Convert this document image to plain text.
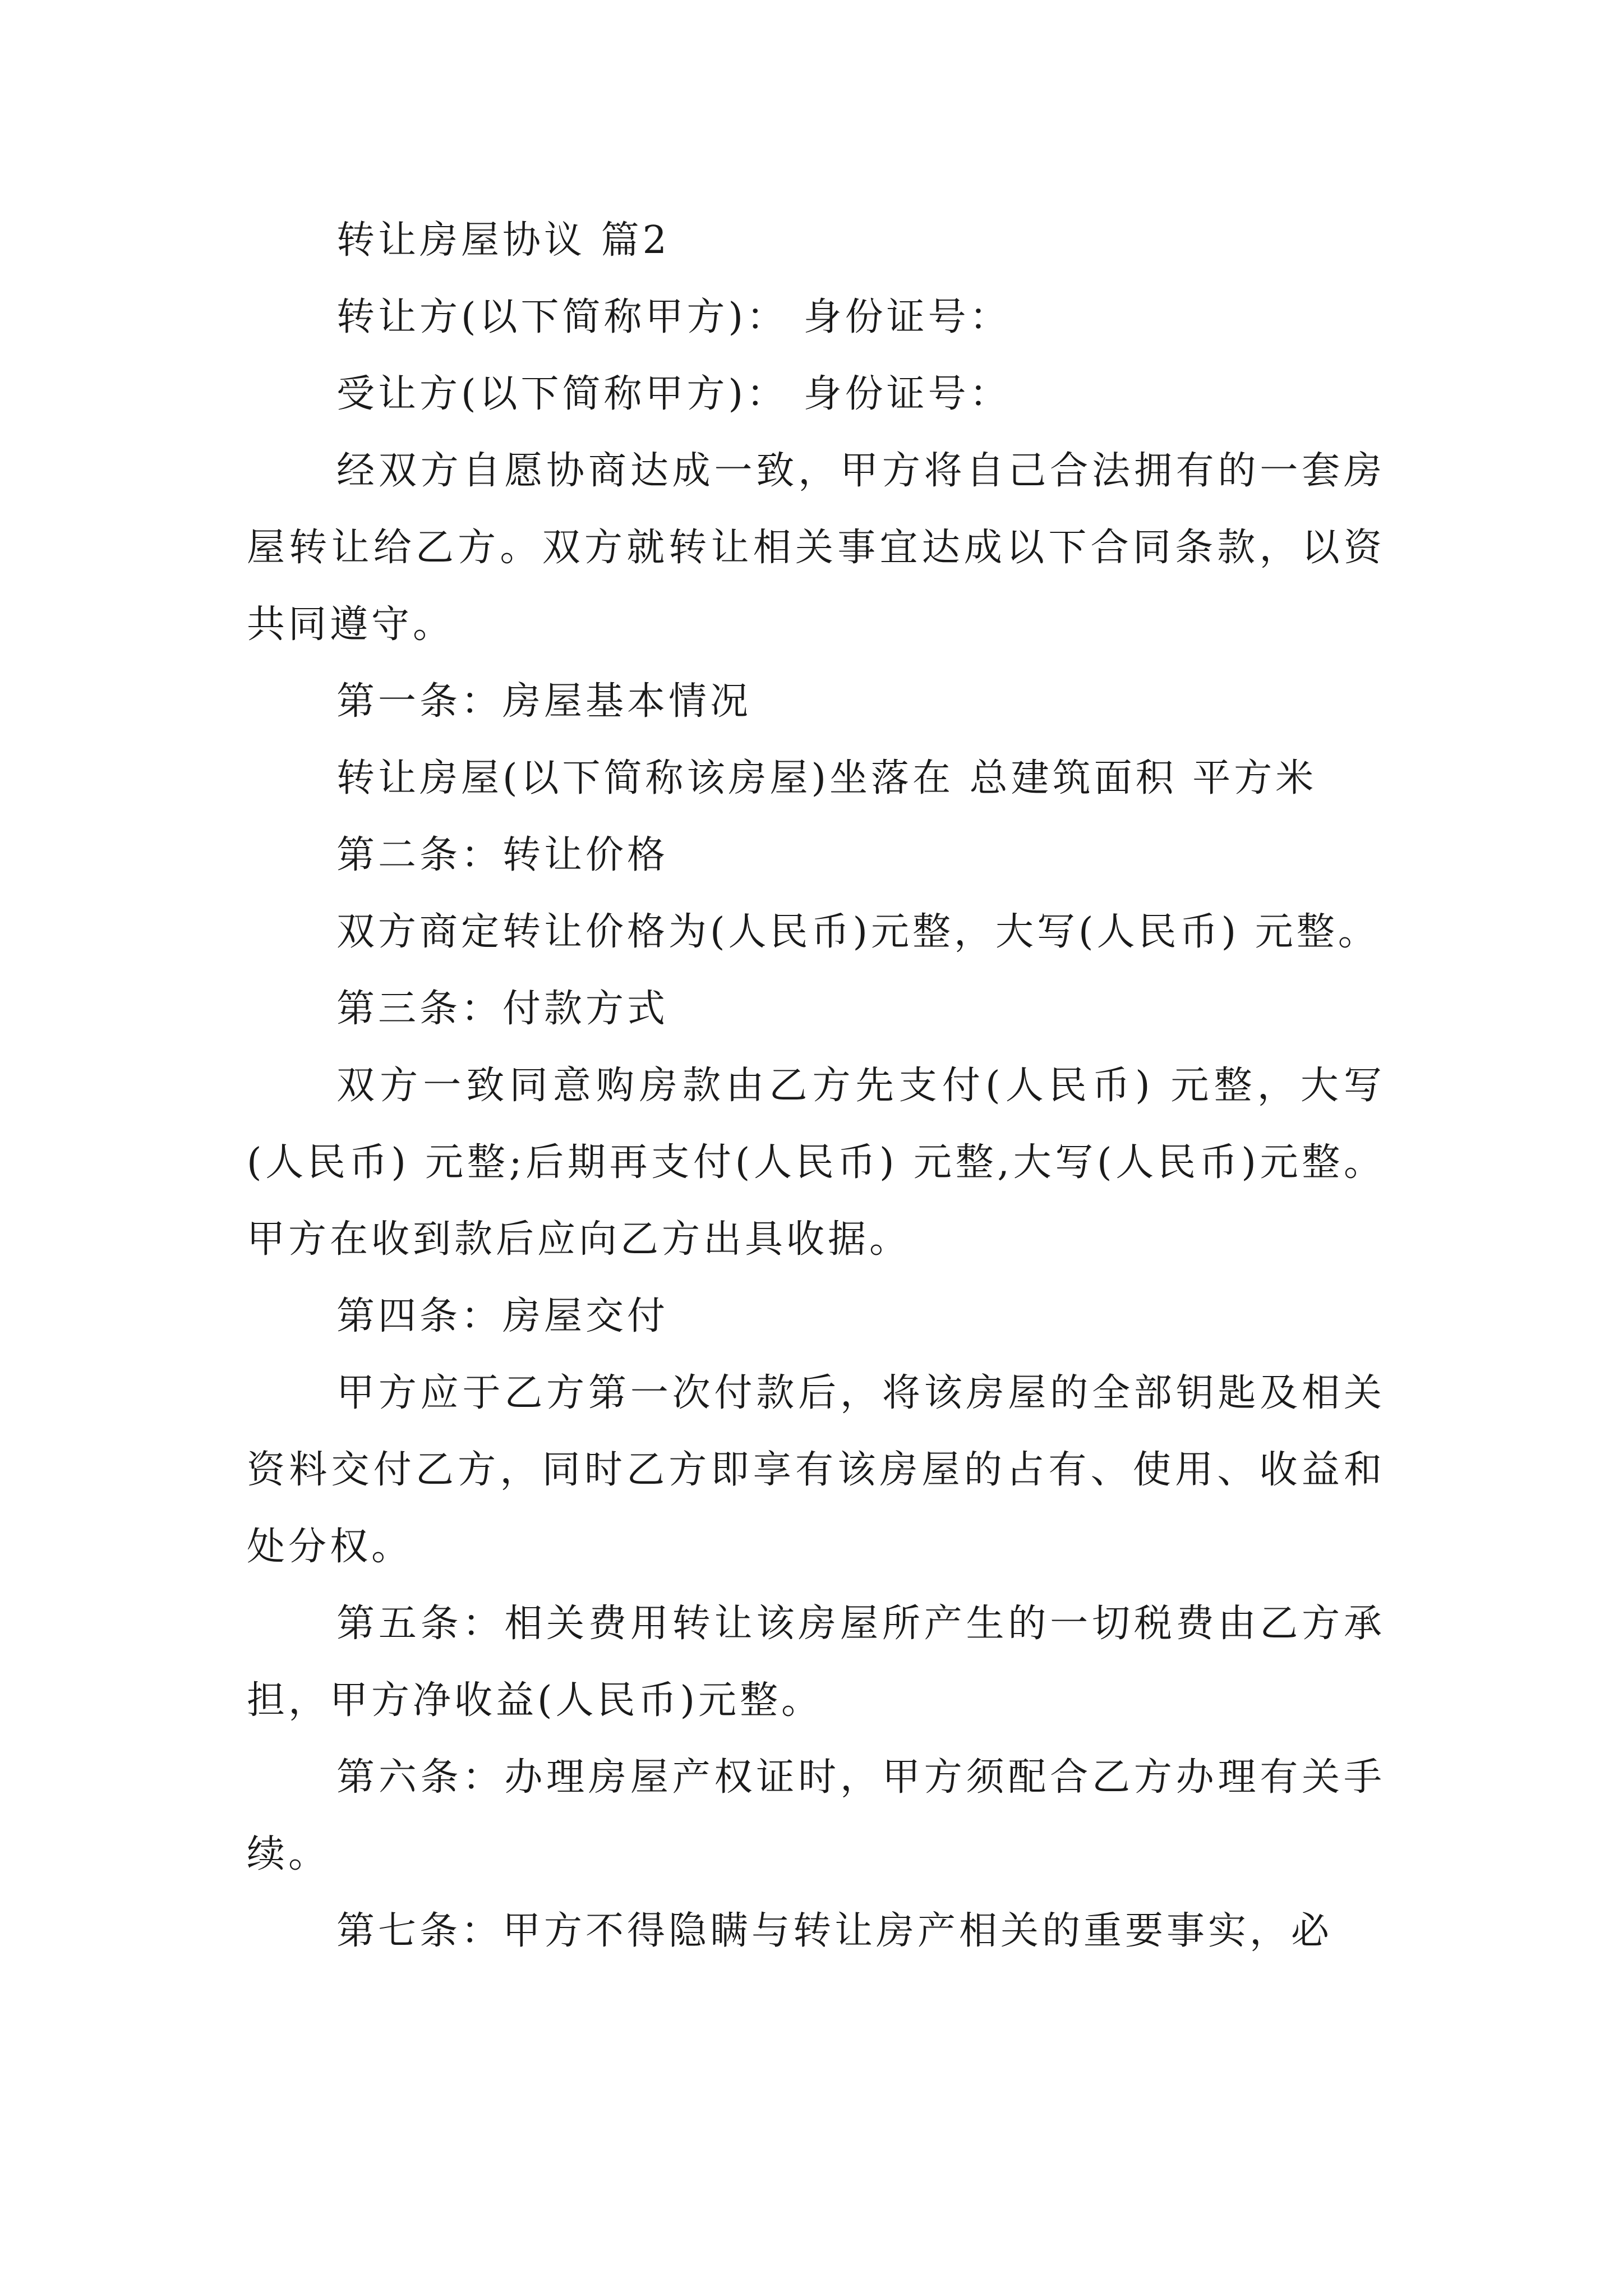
转让房屋协议 篇2

转让方(以下简称甲方)： 身份证号：

受让方(以下简称甲方)： 身份证号：

经双方自愿协商达成一致，甲方将自己合法拥有的一套房屋转让给乙方。双方就转让相关事宜达成以下合同条款，以资共同遵守。

第一条：房屋基本情况

转让房屋(以下简称该房屋)坐落在 总建筑面积 平方米

第二条：转让价格

双方商定转让价格为(人民币)元整，大写(人民币) 元整。

第三条：付款方式

双方一致同意购房款由乙方先支付(人民币) 元整，大写(人民币) 元整;后期再支付(人民币) 元整,大写(人民币)元整。甲方在收到款后应向乙方出具收据。

第四条：房屋交付

甲方应于乙方第一次付款后，将该房屋的全部钥匙及相关资料交付乙方，同时乙方即享有该房屋的占有、使用、收益和处分权。

第五条：相关费用转让该房屋所产生的一切税费由乙方承担，甲方净收益(人民币)元整。

第六条：办理房屋产权证时，甲方须配合乙方办理有关手续。

第七条：甲方不得隐瞒与转让房产相关的重要事实，必
